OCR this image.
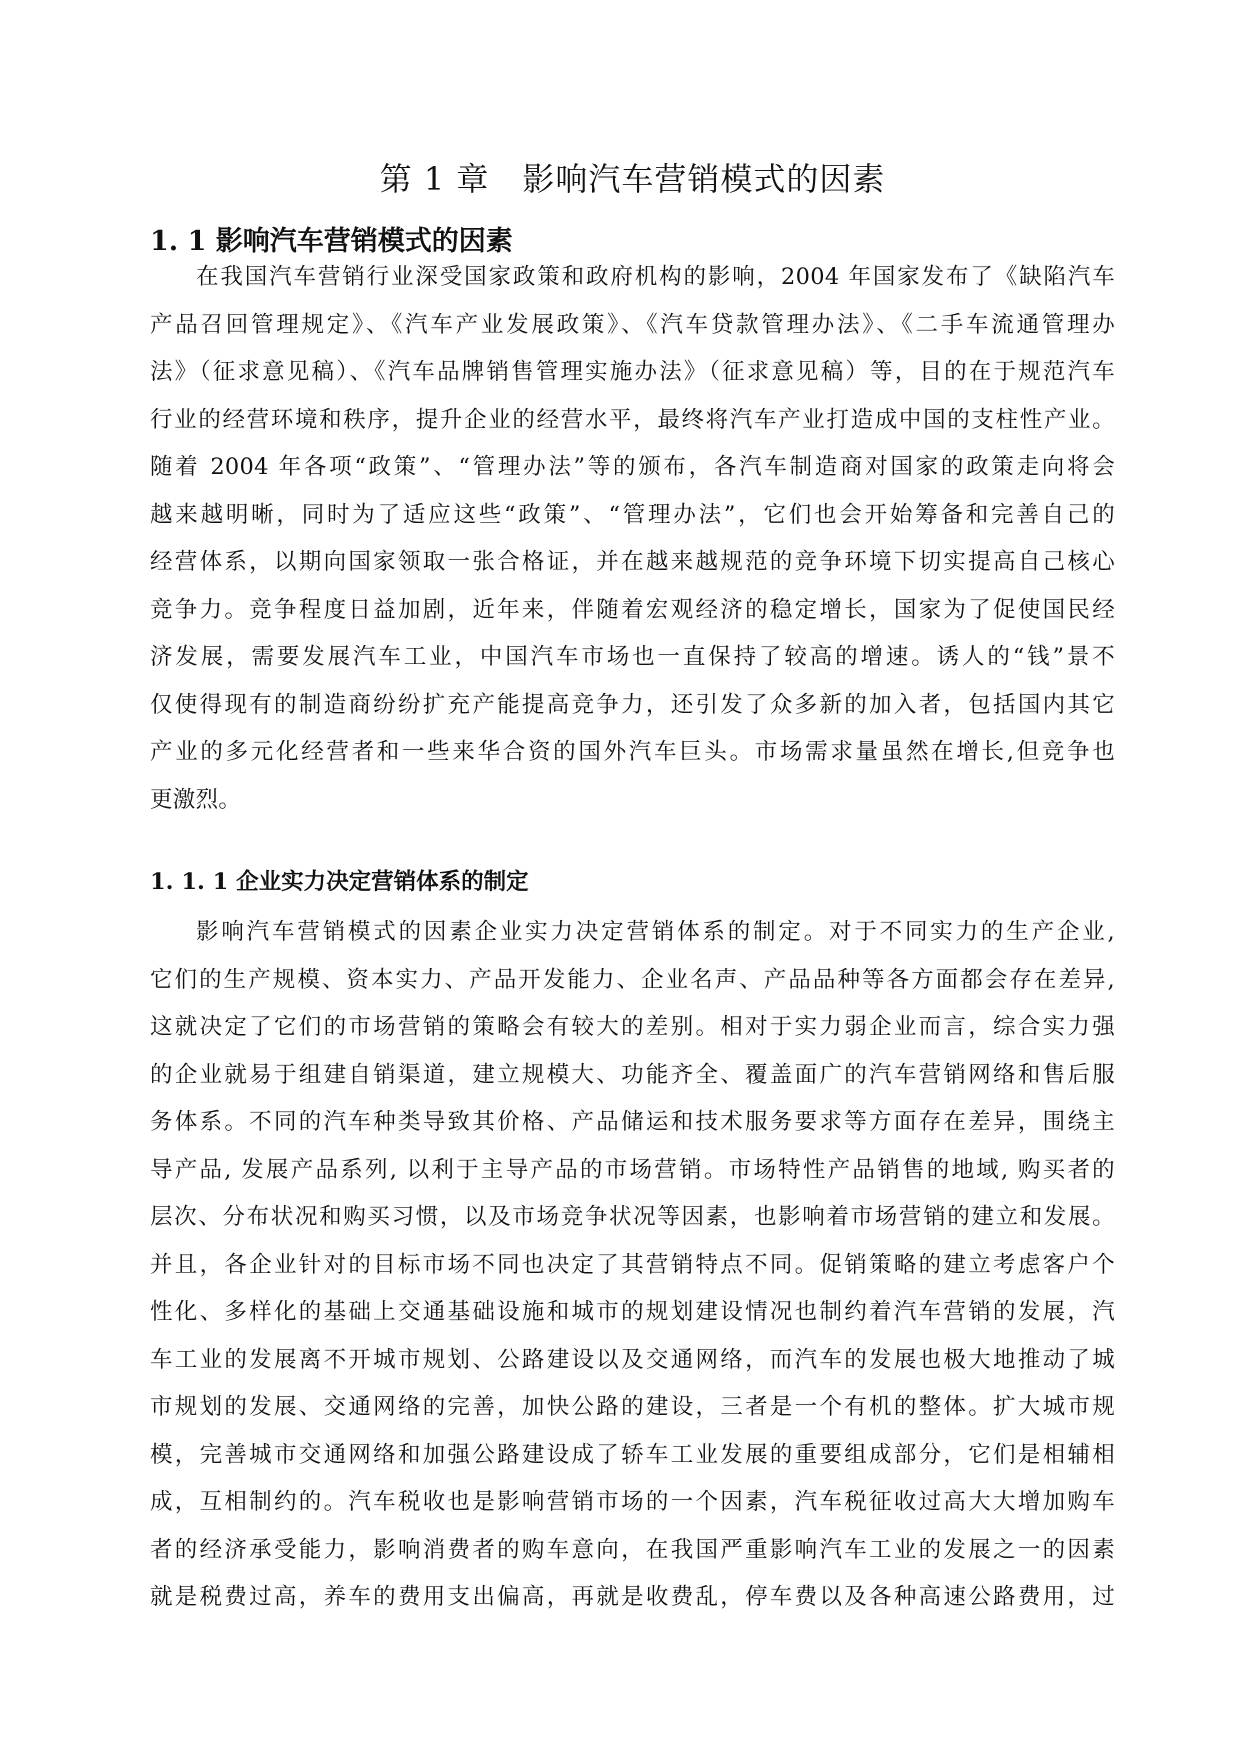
第 1 章　影响汽车营销模式的因素
1. 1 影响汽车营销模式的因素
在我国汽车营销行业深受国家政策和政府机构的影响，2004 年国家发布了《缺陷汽车
产品召回管理规定》、《汽车产业发展政策》、《汽车贷款管理办法》、《二手车流通管理办
法》（征求意见稿）、《汽车品牌销售管理实施办法》（征求意见稿）等，目的在于规范汽车
行业的经营环境和秩序，提升企业的经营水平，最终将汽车产业打造成中国的支柱性产业。
随着 2004 年各项“政策”、“管理办法”等的颁布，各汽车制造商对国家的政策走向将会
越来越明晰，同时为了适应这些“政策”、“管理办法”，它们也会开始筹备和完善自己的
经营体系，以期向国家领取一张合格证，并在越来越规范的竞争环境下切实提高自己核心
竞争力。竞争程度日益加剧，近年来，伴随着宏观经济的稳定增长，国家为了促使国民经
济发展，需要发展汽车工业，中国汽车市场也一直保持了较高的增速。诱人的“钱”景不
仅使得现有的制造商纷纷扩充产能提高竞争力，还引发了众多新的加入者，包括国内其它
产业的多元化经营者和一些来华合资的国外汽车巨头。市场需求量虽然在增长,但竞争也
更激烈。
1. 1. 1 企业实力决定营销体系的制定
影响汽车营销模式的因素企业实力决定营销体系的制定。对于不同实力的生产企业,
它们的生产规模、资本实力、产品开发能力、企业名声、产品品种等各方面都会存在差异,
这就决定了它们的市场营销的策略会有较大的差别。相对于实力弱企业而言，综合实力强
的企业就易于组建自销渠道，建立规模大、功能齐全、覆盖面广的汽车营销网络和售后服
务体系。不同的汽车种类导致其价格、产品储运和技术服务要求等方面存在差异，围绕主
导产品, 发展产品系列, 以利于主导产品的市场营销。市场特性产品销售的地域, 购买者的
层次、分布状况和购买习惯，以及市场竞争状况等因素，也影响着市场营销的建立和发展。
并且，各企业针对的目标市场不同也决定了其营销特点不同。促销策略的建立考虑客户个
性化、多样化的基础上交通基础设施和城市的规划建设情况也制约着汽车营销的发展，汽
车工业的发展离不开城市规划、公路建设以及交通网络，而汽车的发展也极大地推动了城
市规划的发展、交通网络的完善，加快公路的建设，三者是一个有机的整体。扩大城市规
模，完善城市交通网络和加强公路建设成了轿车工业发展的重要组成部分，它们是相辅相
成，互相制约的。汽车税收也是影响营销市场的一个因素，汽车税征收过高大大增加购车
者的经济承受能力，影响消费者的购车意向，在我国严重影响汽车工业的发展之一的因素
就是税费过高，养车的费用支出偏高，再就是收费乱，停车费以及各种高速公路费用，过
